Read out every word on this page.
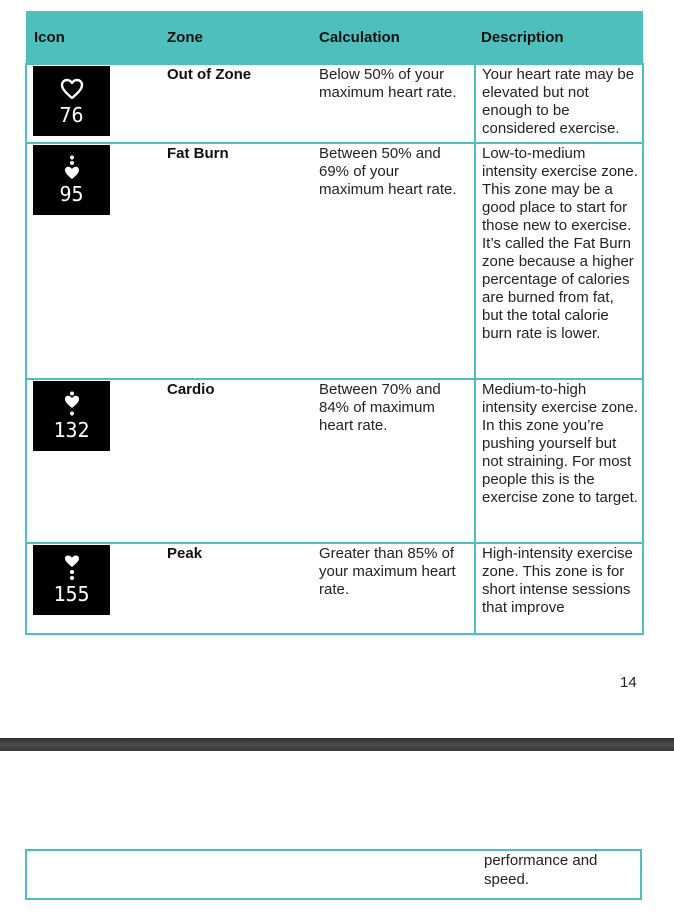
Icon	Zone	Calculation	Description

76	Out of Zone	Below 50% of your maximum heart rate.	Your heart rate may be elevated but not enough to be considered exercise.

95	Fat Burn	Between 50% and 69% of your maximum heart rate.	Low-to-medium intensity exercise zone. This zone may be a good place to start for those new to exercise. It’s called the Fat Burn zone because a higher percentage of calories are burned from fat, but the total calorie burn rate is lower.

132	Cardio	Between 70% and 84% of maximum heart rate.	Medium-to-high intensity exercise zone. In this zone you’re pushing yourself but not straining. For most people this is the exercise zone to target.

155	Peak	Greater than 85% of your maximum heart rate.	High-intensity exercise zone. This zone is for short intense sessions that improve
14
performance and speed.
